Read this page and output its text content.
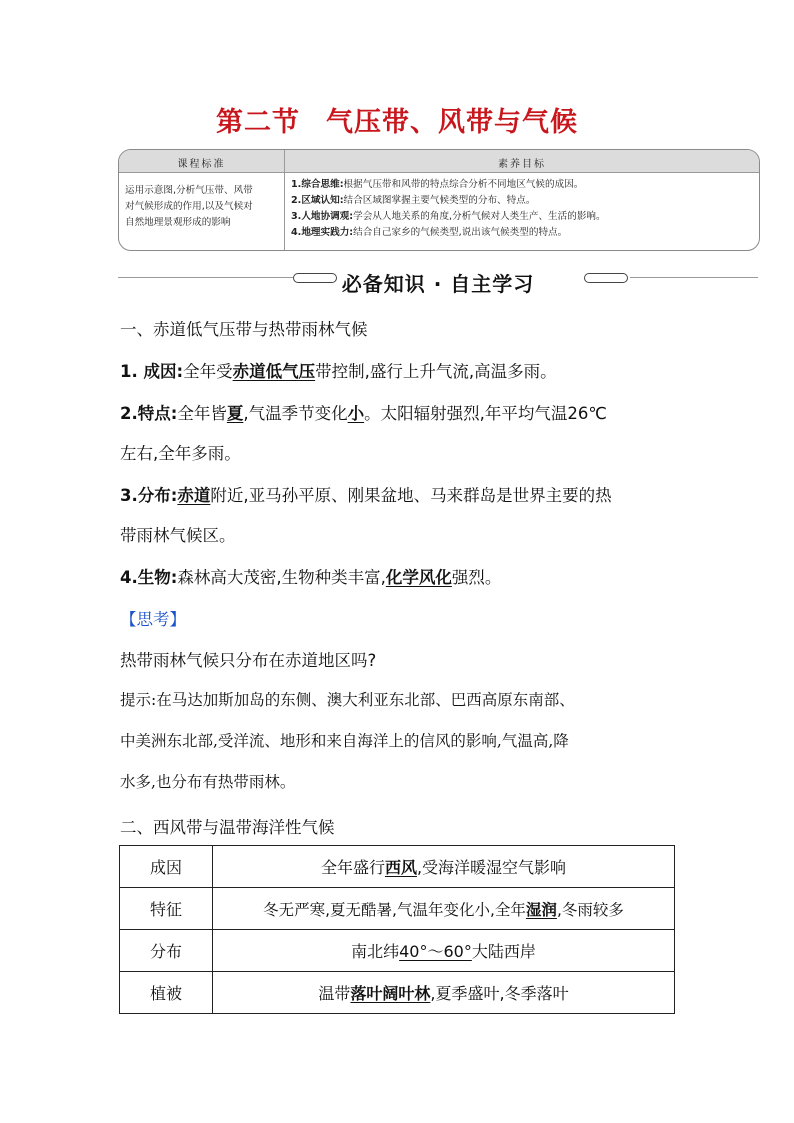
第二节 气压带、风带与气候
课程标准	素养目标
运用示意图,分析气压带、风带
对气候形成的作用,以及气候对
自然地理景观形成的影响
1.综合思维:根据气压带和风带的特点综合分析不同地区气候的成因。
2.区域认知:结合区域图掌握主要气候类型的分布、特点。
3.人地协调观:学会从人地关系的角度,分析气候对人类生产、生活的影响。
4.地理实践力:结合自己家乡的气候类型,说出该气候类型的特点。
必备知识 · 自主学习
一、赤道低气压带与热带雨林气候
1. 成因:全年受赤道低气压带控制,盛行上升气流,高温多雨。
2.特点:全年皆夏,气温季节变化小。太阳辐射强烈,年平均气温26℃
左右,全年多雨。
3.分布:赤道附近,亚马孙平原、刚果盆地、马来群岛是世界主要的热
带雨林气候区。
4.生物:森林高大茂密,生物种类丰富,化学风化强烈。
【思考】
热带雨林气候只分布在赤道地区吗?
提示:在马达加斯加岛的东侧、澳大利亚东北部、巴西高原东南部、
中美洲东北部,受洋流、地形和来自海洋上的信风的影响,气温高,降
水多,也分布有热带雨林。
二、西风带与温带海洋性气候
成因	全年盛行西风,受海洋暖湿空气影响
特征	冬无严寒,夏无酷暑,气温年变化小,全年湿润,冬雨较多
分布	南北纬40°～60°大陆西岸
植被	温带落叶阔叶林,夏季盛叶,冬季落叶
